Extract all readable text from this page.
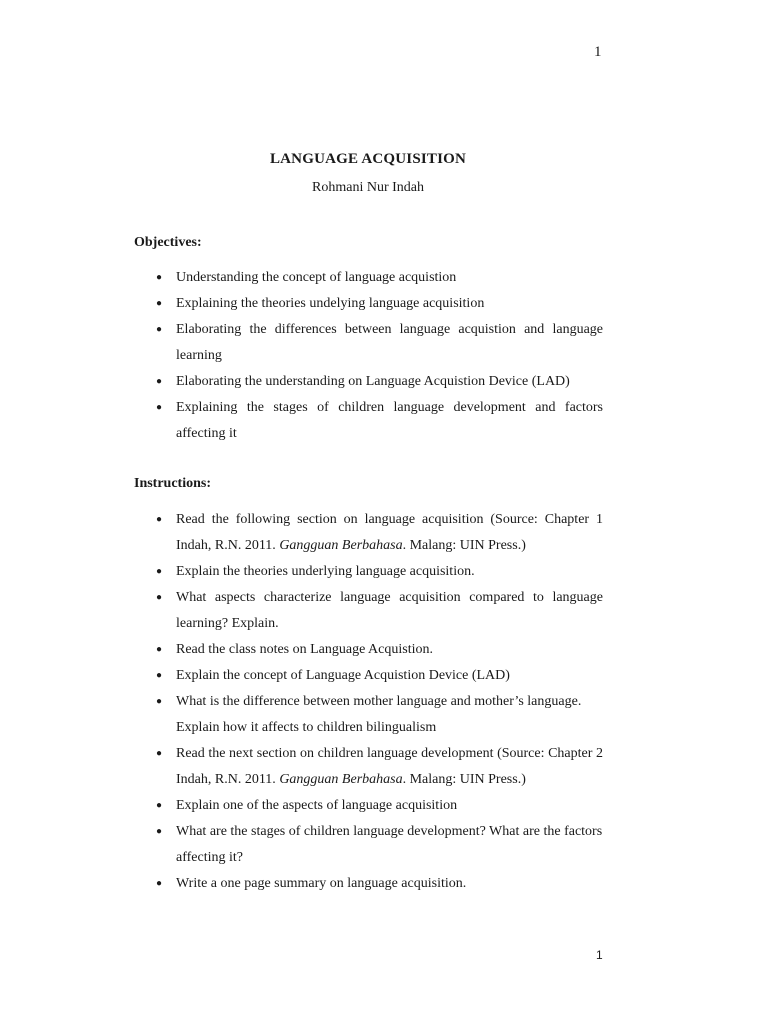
1
LANGUAGE ACQUISITION
Rohmani Nur Indah
Objectives:
● Understanding the concept of language acquistion
● Explaining the theories undelying language acquisition
● Elaborating the differences between language acquistion and language learning
● Elaborating the understanding on Language Acquistion Device (LAD)
● Explaining the stages of children language development and factors affecting it
Instructions:
● Read the following section on language acquisition (Source: Chapter 1 Indah, R.N. 2011. Gangguan Berbahasa. Malang: UIN Press.)
● Explain the theories underlying language acquisition.
● What aspects characterize language acquisition compared to language learning? Explain.
● Read the class notes on Language Acquistion.
● Explain the concept of Language Acquistion Device (LAD)
● What is the difference between mother language and mother’s language. Explain how it affects to children bilingualism
● Read the next section on children language development (Source: Chapter 2 Indah, R.N. 2011. Gangguan Berbahasa. Malang: UIN Press.)
● Explain one of the aspects of language acquisition
● What are the stages of children language development? What are the factors affecting it?
● Write a one page summary on language acquisition.
1
